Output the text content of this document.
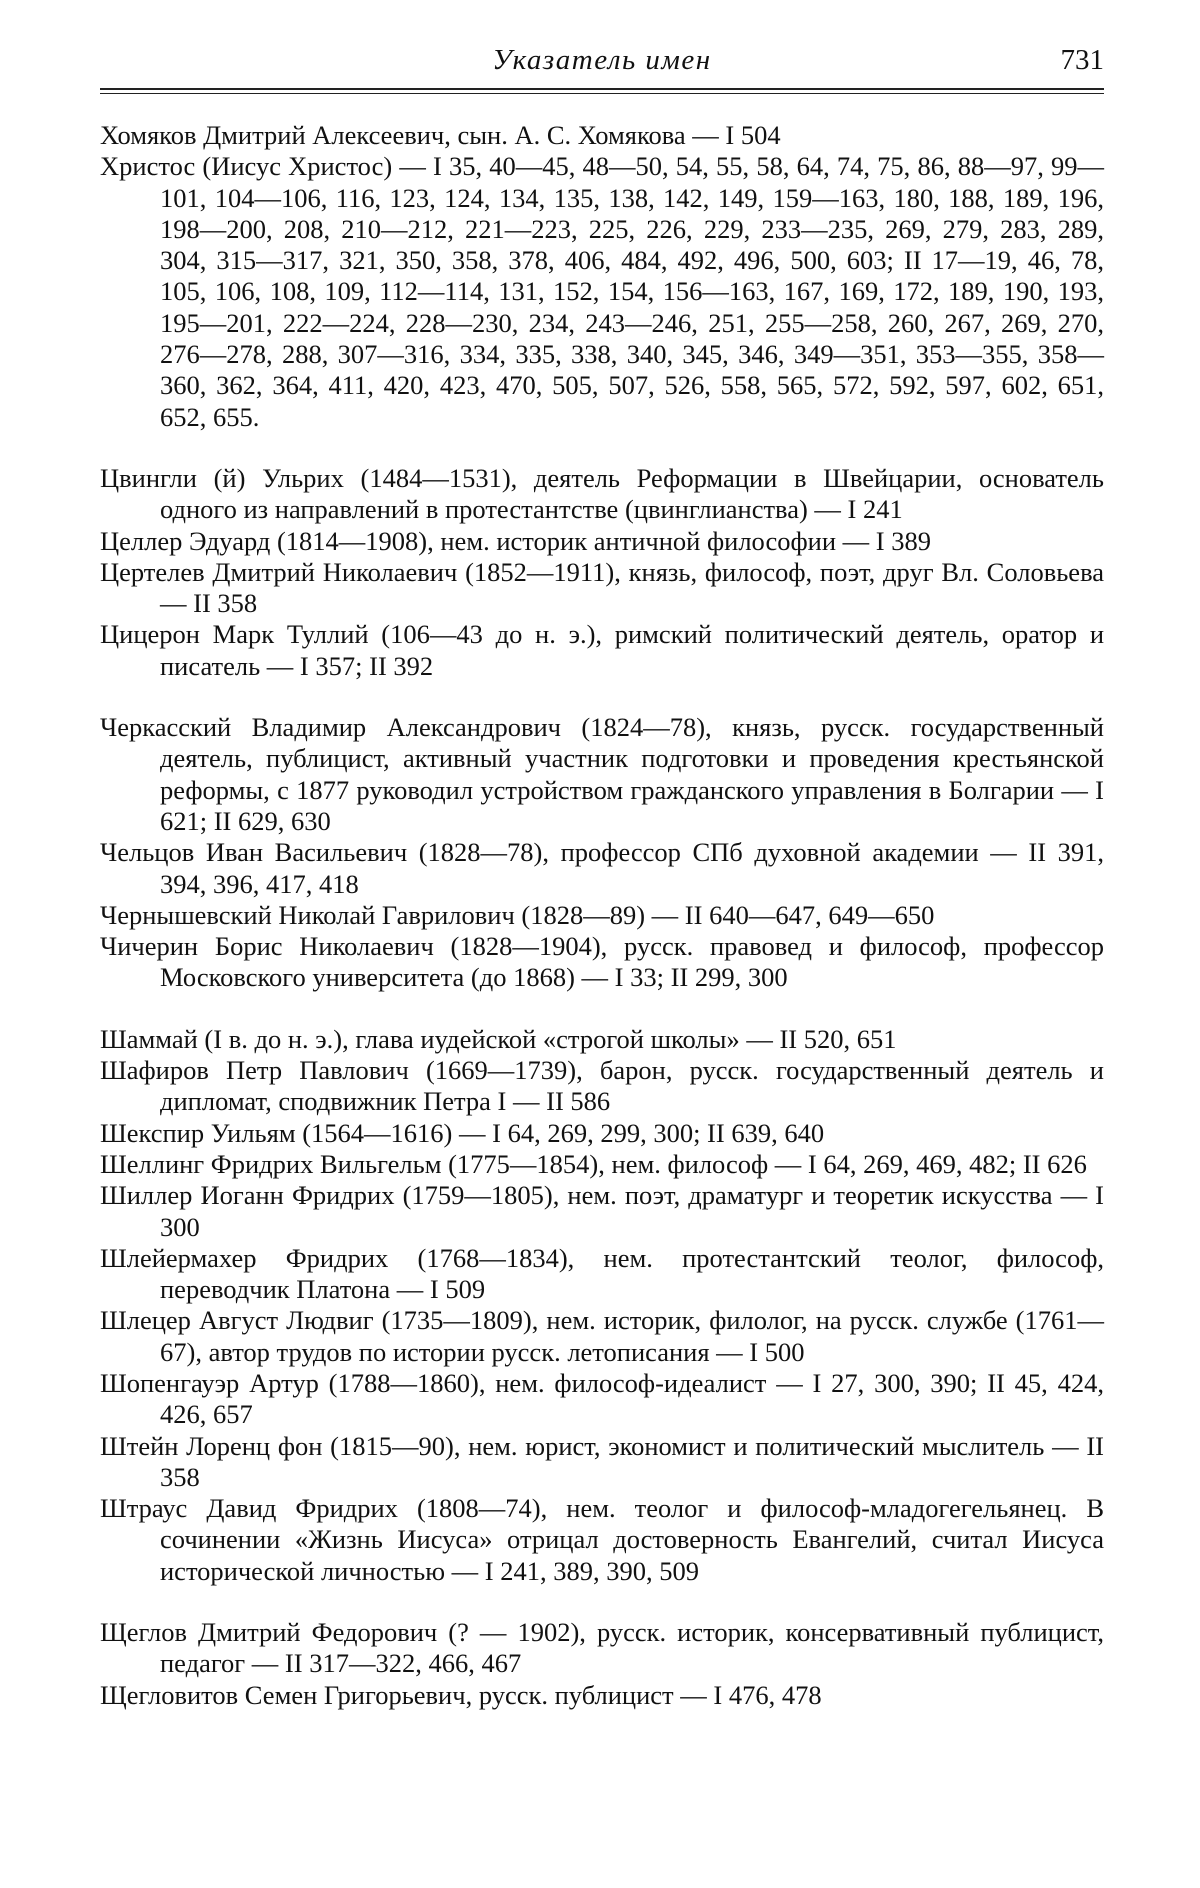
Указатель имен	731

Хомяков Дмитрий Алексеевич, сын. А. С. Хомякова — I 504

Христос (Иисус Христос) — I 35, 40—45, 48—50, 54, 55, 58, 64, 74, 75, 86, 88—97, 99—101, 104—106, 116, 123, 124, 134, 135, 138, 142, 149, 159—163, 180, 188, 189, 196, 198—200, 208, 210—212, 221—223, 225, 226, 229, 233—235, 269, 279, 283, 289, 304, 315—317, 321, 350, 358, 378, 406, 484, 492, 496, 500, 603; II 17—19, 46, 78, 105, 106, 108, 109, 112—114, 131, 152, 154, 156—163, 167, 169, 172, 189, 190, 193, 195—201, 222—224, 228—230, 234, 243—246, 251, 255—258, 260, 267, 269, 270, 276—278, 288, 307—316, 334, 335, 338, 340, 345, 346, 349—351, 353—355, 358—360, 362, 364, 411, 420, 423, 470, 505, 507, 526, 558, 565, 572, 592, 597, 602, 651, 652, 655.

Цвингли (й) Ульрих (1484—1531), деятель Реформации в Швейцарии, основатель одного из направлений в протестантстве (цвинглианства) — I 241

Целлер Эдуард (1814—1908), нем. историк античной философии — I 389

Цертелев Дмитрий Николаевич (1852—1911), князь, философ, поэт, друг Вл. Соловьева — II 358

Цицерон Марк Туллий (106—43 до н. э.), римский политический деятель, оратор и писатель — I 357; II 392

Черкасский Владимир Александрович (1824—78), князь, русск. государственный деятель, публицист, активный участник подготовки и проведения крестьянской реформы, с 1877 руководил устройством гражданского управления в Болгарии — I 621; II 629, 630

Чельцов Иван Васильевич (1828—78), профессор СПб духовной академии — II 391, 394, 396, 417, 418

Чернышевский Николай Гаврилович (1828—89) — II 640—647, 649—650

Чичерин Борис Николаевич (1828—1904), русск. правовед и философ, профессор Московского университета (до 1868) — I 33; II 299, 300

Шаммай (I в. до н. э.), глава иудейской «строгой школы» — II 520, 651

Шафиров Петр Павлович (1669—1739), барон, русск. государственный деятель и дипломат, сподвижник Петра I — II 586

Шекспир Уильям (1564—1616) — I 64, 269, 299, 300; II 639, 640

Шеллинг Фридрих Вильгельм (1775—1854), нем. философ — I 64, 269, 469, 482; II 626

Шиллер Иоганн Фридрих (1759—1805), нем. поэт, драматург и теоретик искусства — I 300

Шлейермахер Фридрих (1768—1834), нем. протестантский теолог, философ, переводчик Платона — I 509

Шлецер Август Людвиг (1735—1809), нем. историк, филолог, на русск. службе (1761—67), автор трудов по истории русск. летописания — I 500

Шопенгауэр Артур (1788—1860), нем. философ-идеалист — I 27, 300, 390; II 45, 424, 426, 657

Штейн Лоренц фон (1815—90), нем. юрист, экономист и политический мыслитель — II 358

Штраус Давид Фридрих (1808—74), нем. теолог и философ-младогегельянец. В сочинении «Жизнь Иисуса» отрицал достоверность Евангелий, считал Иисуса исторической личностью — I 241, 389, 390, 509

Щеглов Дмитрий Федорович (? — 1902), русск. историк, консервативный публицист, педагог — II 317—322, 466, 467

Щегловитов Семен Григорьевич, русск. публицист — I 476, 478
